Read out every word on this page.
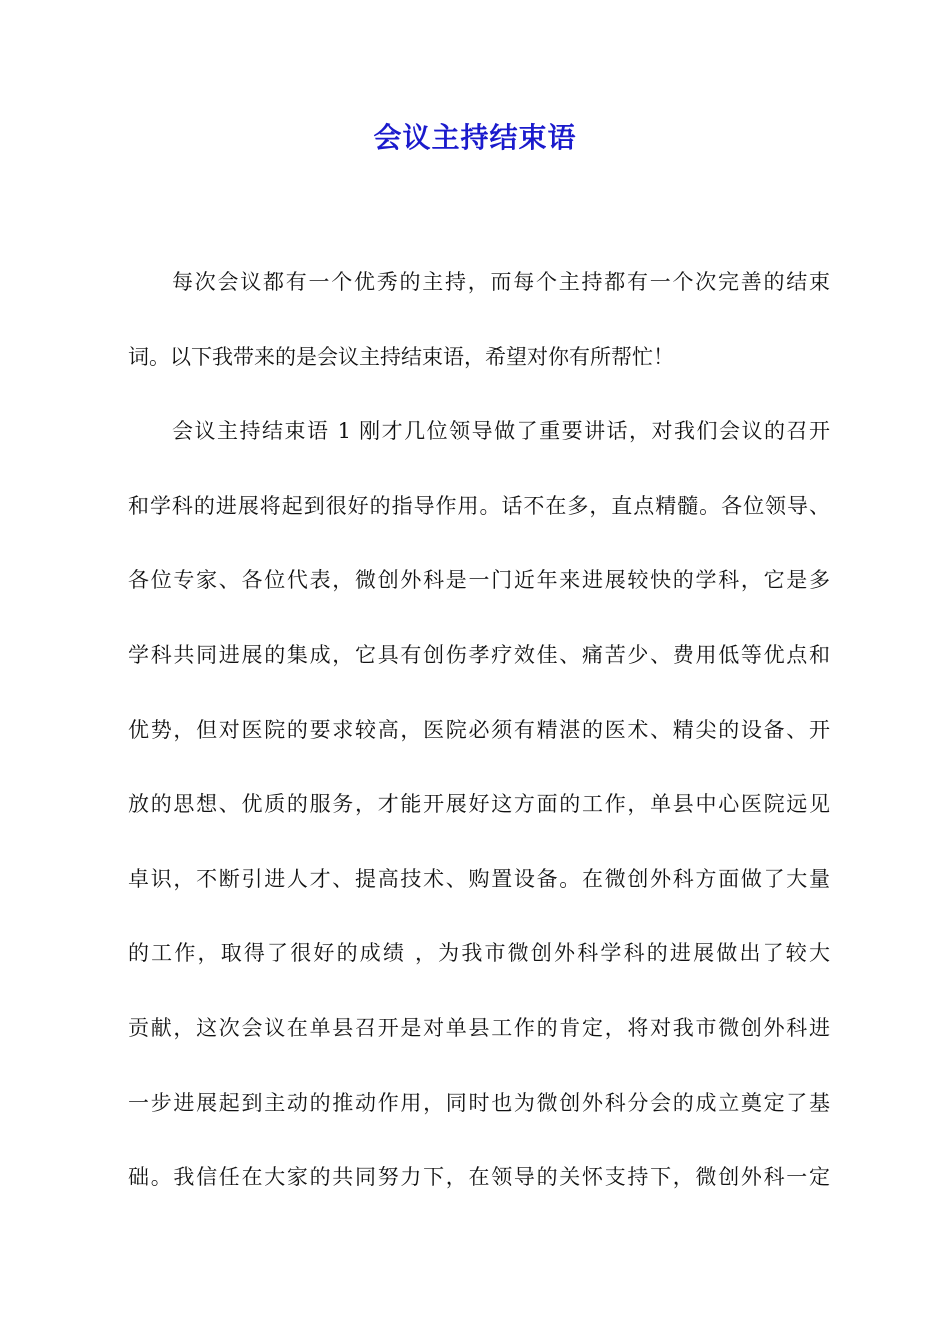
会议主持结束语
每次会议都有一个优秀的主持，而每个主持都有一个次完善的结束
词。以下我带来的是会议主持结束语，希望对你有所帮忙！
会议主持结束语 1 刚才几位领导做了重要讲话，对我们会议的召开
和学科的进展将起到很好的指导作用。话不在多，直点精髓。各位领导、
各位专家、各位代表，微创外科是一门近年来进展较快的学科，它是多
学科共同进展的集成，它具有创伤孝疗效佳、痛苦少、费用低等优点和
优势，但对医院的要求较高，医院必须有精湛的医术、精尖的设备、开
放的思想、优质的服务，才能开展好这方面的工作，单县中心医院远见
卓识，不断引进人才、提高技术、购置设备。在微创外科方面做了大量
的工作，取得了很好的成绩 ，为我市微创外科学科的进展做出了较大
贡献，这次会议在单县召开是对单县工作的肯定，将对我市微创外科进
一步进展起到主动的推动作用，同时也为微创外科分会的成立奠定了基
础。我信任在大家的共同努力下，在领导的关怀支持下，微创外科一定
